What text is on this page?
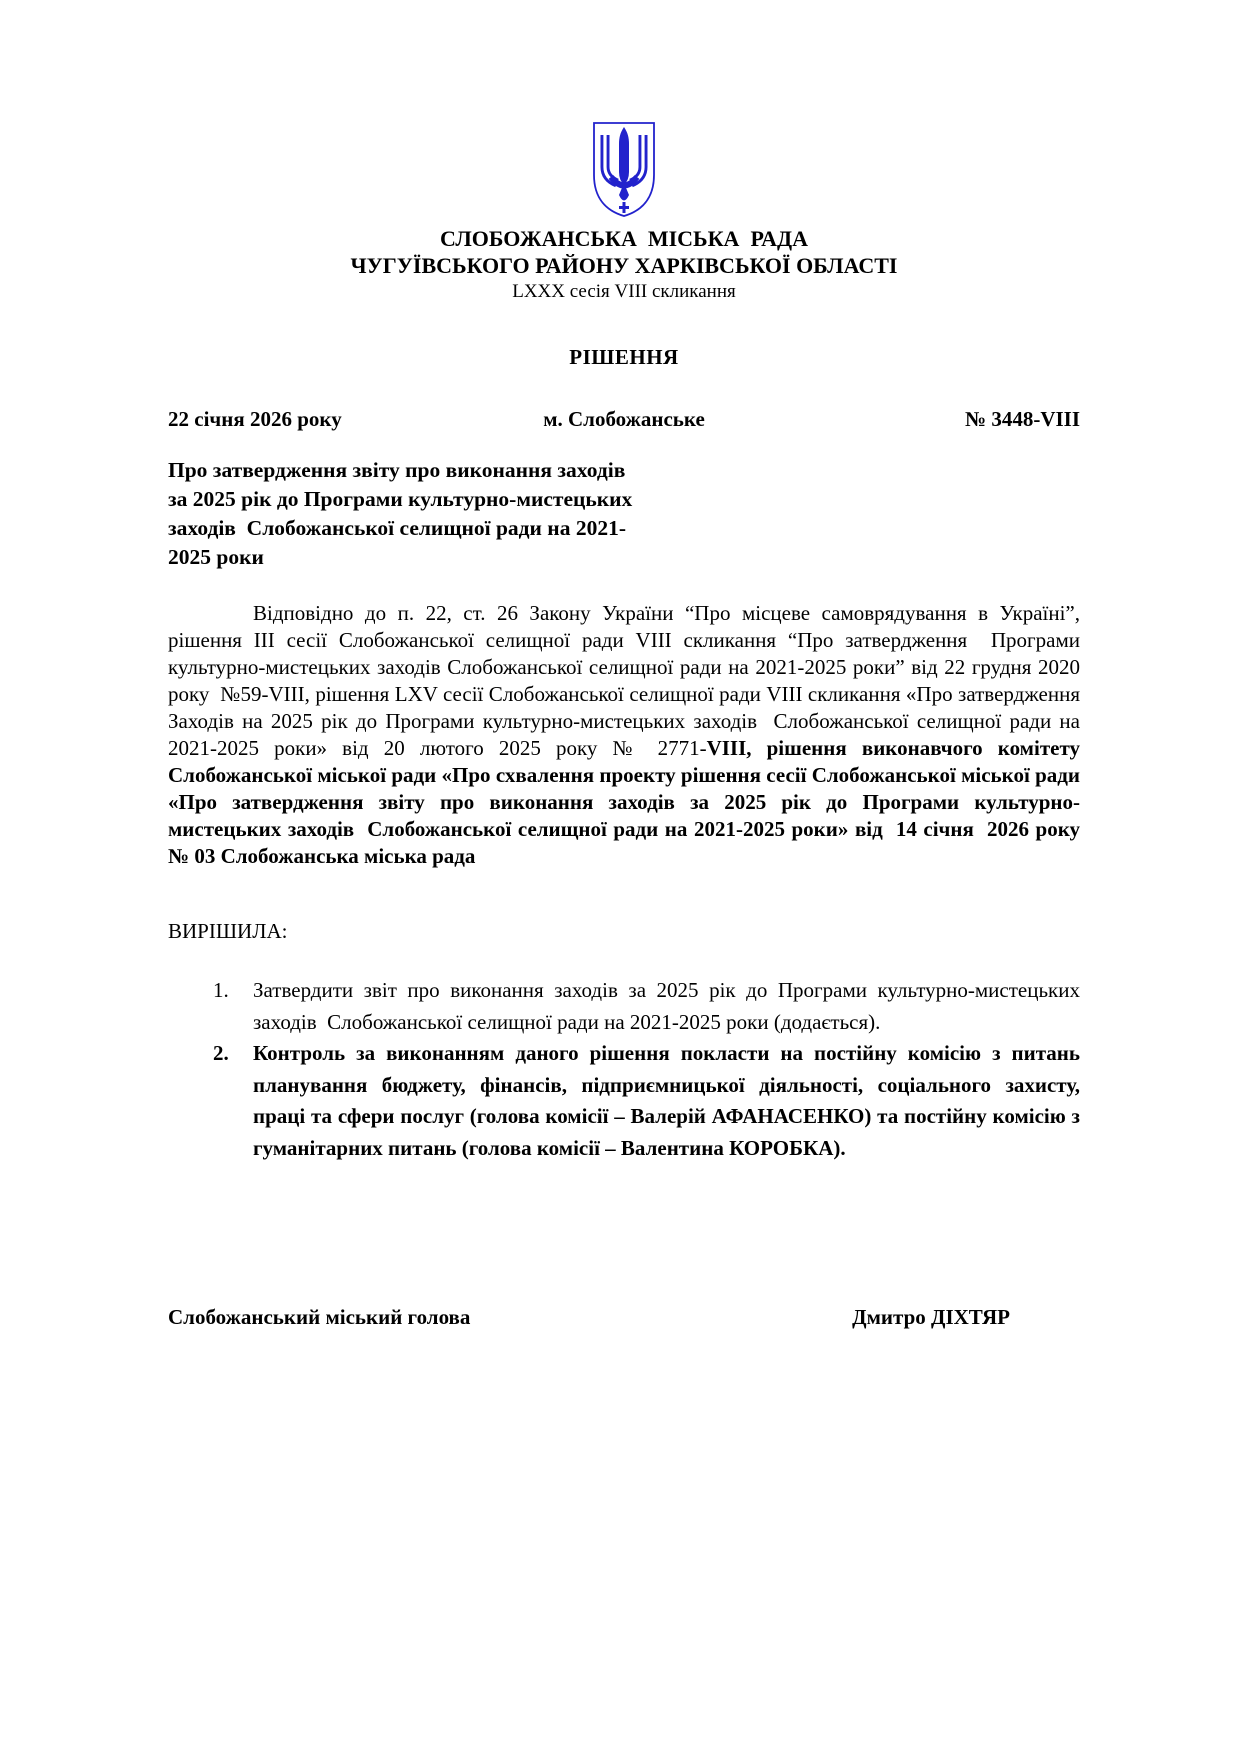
СЛОБОЖАНСЬКА  МІСЬКА  РАДА
ЧУГУЇВСЬКОГО РАЙОНУ ХАРКІВСЬКОЇ ОБЛАСТІ
LXXX сесія VIII скликання
РІШЕННЯ
22 січня 2026 року	м. Слобожанське	№ 3448-VIII
Про затвердження звіту про виконання заходів
за 2025 рік до Програми культурно-мистецьких
заходів  Слобожанської селищної ради на 2021-
2025 роки

Відповідно до п. 22, ст. 26 Закону України “Про місцеве самоврядування в Україні”, рішення ІІІ сесії Слобожанської селищної ради VIII скликання “Про затвердження  Програми культурно-мистецьких заходів Слобожанської селищної ради на 2021-2025 роки” від 22 грудня 2020 року  №59-VIII, рішення LXV сесії Слобожанської селищної ради VIII скликання «Про затвердження Заходів на 2025 рік до Програми культурно-мистецьких заходів  Слобожанської селищної ради на 2021-2025 роки» від 20 лютого 2025 року № 2771-VIII, рішення виконавчого комітету Слобожанської міської ради «Про схвалення проекту рішення сесії Слобожанської міської ради «Про затвердження звіту про виконання заходів за 2025 рік до Програми культурно-мистецьких заходів  Слобожанської селищної ради на 2021-2025 роки» від  14 січня  2026 року № 03 Слобожанська міська рада

ВИРІШИЛА:
1.	Затвердити звіт про виконання заходів за 2025 рік до Програми культурно-мистецьких заходів  Слобожанської селищної ради на 2021-2025 роки (додається).
2.	Контроль за виконанням даного рішення покласти на постійну комісію з питань планування бюджету, фінансів, підприємницької діяльності, соціального захисту, праці та сфери послуг (голова комісії – Валерій АФАНАСЕНКО) та постійну комісію з гуманітарних питань (голова комісії – Валентина КОРОБКА).
Слобожанський міський голова	Дмитро ДІХТЯР
